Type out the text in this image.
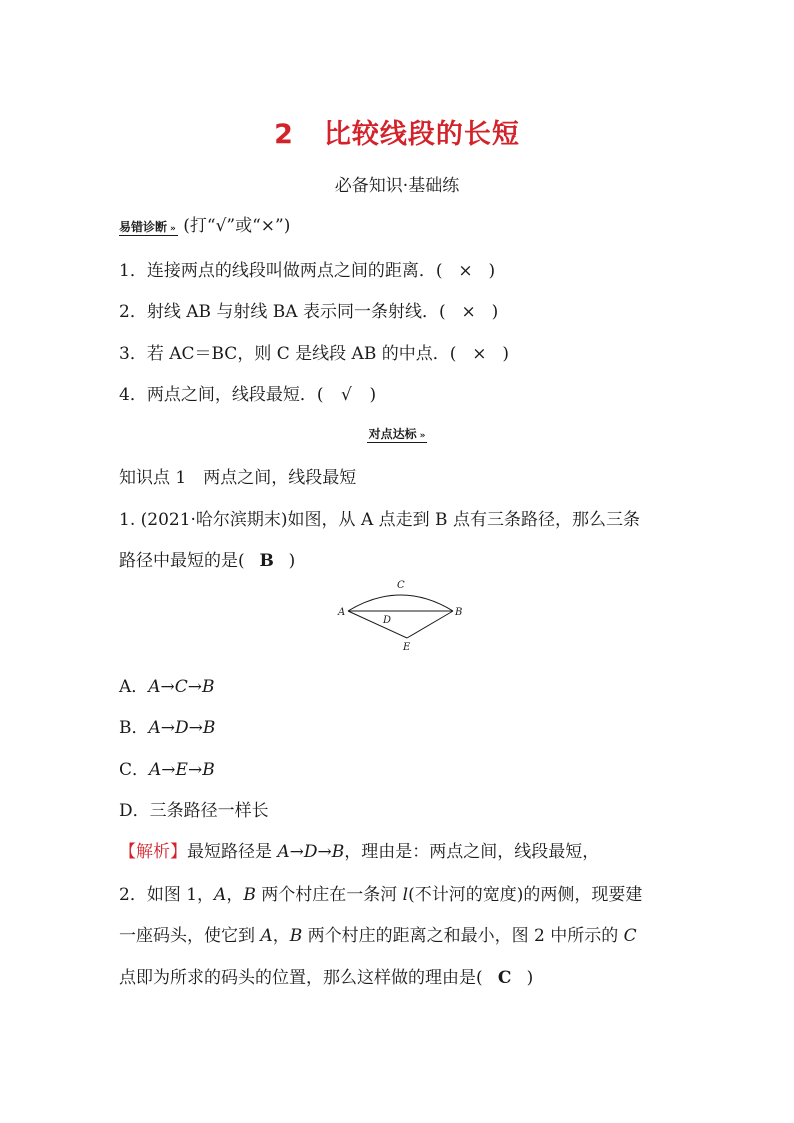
2 比较线段的长短
必备知识·基础练
易错诊断 » (打“√”或“×”)
1．连接两点的线段叫做两点之间的距离．( × )
2．射线 AB 与射线 BA 表示同一条射线．( × )
3．若 AC＝BC，则 C 是线段 AB 的中点．( × )
4．两点之间，线段最短．( √ )
对点达标 »
知识点 1　两点之间，线段最短
1. (2021·哈尔滨期末)如图，从 A 点走到 B 点有三条路径，那么三条
路径中最短的是( B )
A	B
C
D
E
A．A→C→B
B．A→D→B
C．A→E→B
D．三条路径一样长
【解析】最短路径是 A→D→B，理由是：两点之间，线段最短，
2．如图 1，A，B 两个村庄在一条河 l(不计河的宽度)的两侧，现要建
一座码头，使它到 A，B 两个村庄的距离之和最小，图 2 中所示的 C
点即为所求的码头的位置，那么这样做的理由是( C )
